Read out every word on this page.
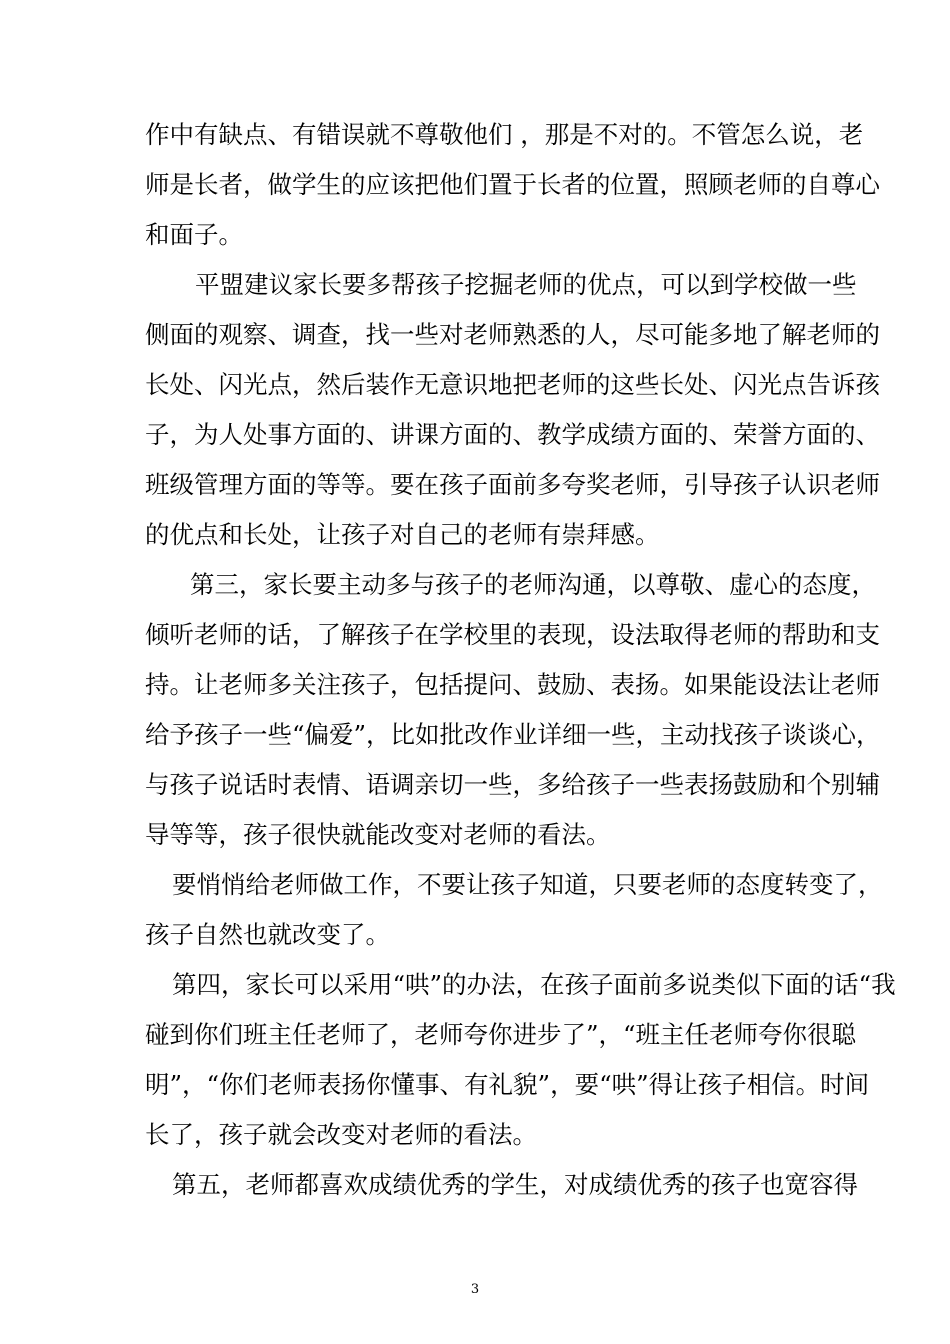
作中有缺点、有错误就不尊敬他们 ，那是不对的。不管怎么说，老
师是长者，做学生的应该把他们置于长者的位置，照顾老师的自尊心
和面子。
平盟建议家长要多帮孩子挖掘老师的优点，可以到学校做一些
侧面的观察、调查，找一些对老师熟悉的人，尽可能多地了解老师的
长处、闪光点，然后装作无意识地把老师的这些长处、闪光点告诉孩
子，为人处事方面的、讲课方面的、教学成绩方面的、荣誉方面的、
班级管理方面的等等。要在孩子面前多夸奖老师，引导孩子认识老师
的优点和长处，让孩子对自己的老师有崇拜感。
第三，家长要主动多与孩子的老师沟通，以尊敬、虚心的态度，
倾听老师的话，了解孩子在学校里的表现，设法取得老师的帮助和支
持。让老师多关注孩子，包括提问、鼓励、表扬。如果能设法让老师
给予孩子一些“偏爱”，比如批改作业详细一些，主动找孩子谈谈心，
与孩子说话时表情、语调亲切一些，多给孩子一些表扬鼓励和个别辅
导等等，孩子很快就能改变对老师的看法。
要悄悄给老师做工作，不要让孩子知道，只要老师的态度转变了，
孩子自然也就改变了。
第四，家长可以采用“哄”的办法，在孩子面前多说类似下面的话“我
碰到你们班主任老师了，老师夸你进步了”，“班主任老师夸你很聪
明”，“你们老师表扬你懂事、有礼貌”，要“哄”得让孩子相信。时间
长了，孩子就会改变对老师的看法。
第五，老师都喜欢成绩优秀的学生，对成绩优秀的孩子也宽容得
3
